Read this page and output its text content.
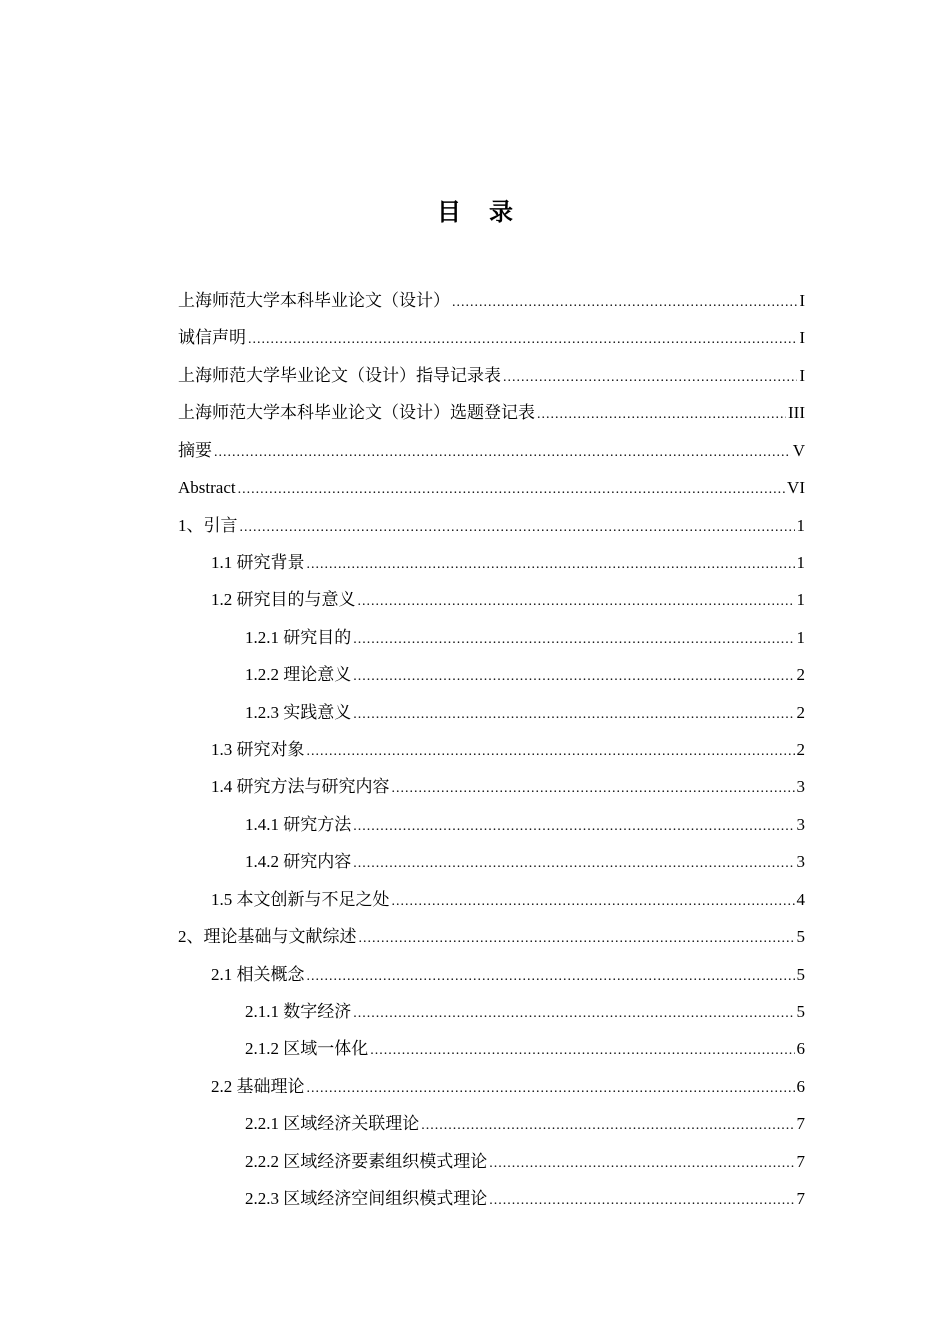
目 录
上海师范大学本科毕业论文（设计） .....	I
诚信声明 .....	I
上海师范大学毕业论文（设计）指导记录表 .....	I
上海师范大学本科毕业论文（设计）选题登记表 .....	III
摘要 .....	V
Abstract .....	VI
1、引言 .....	1
1.1 研究背景 .....	1
1.2 研究目的与意义 .....	1
1.2.1 研究目的 .....	1
1.2.2 理论意义 .....	2
1.2.3 实践意义 .....	2
1.3 研究对象 .....	2
1.4 研究方法与研究内容 .....	3
1.4.1 研究方法 .....	3
1.4.2 研究内容 .....	3
1.5 本文创新与不足之处 .....	4
2、理论基础与文献综述 .....	5
2.1 相关概念 .....	5
2.1.1 数字经济 .....	5
2.1.2 区域一体化 .....	6
2.2 基础理论 .....	6
2.2.1 区域经济关联理论 .....	7
2.2.2 区域经济要素组织模式理论 .....	7
2.2.3 区域经济空间组织模式理论 .....	7
